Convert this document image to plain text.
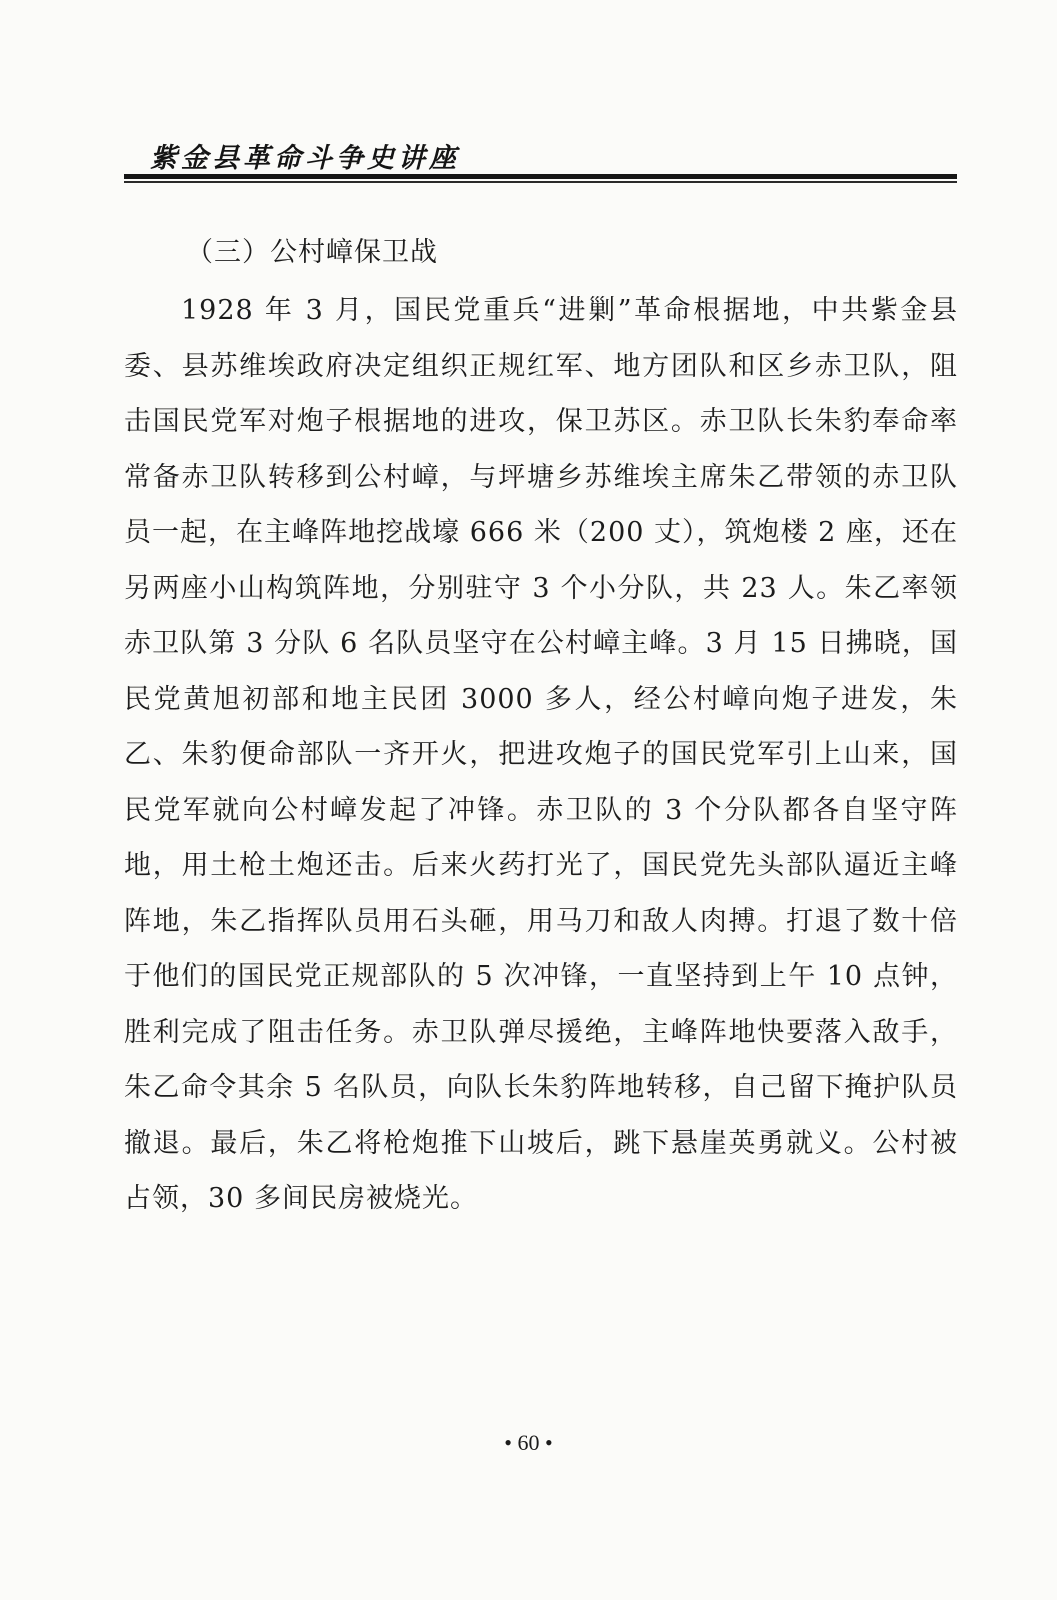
紫金县革命斗争史讲座
（三）公村嶂保卫战

1928 年 3 月，国民党重兵“进剿”革命根据地，中共紫金县委、县苏维埃政府决定组织正规红军、地方团队和区乡赤卫队，阻击国民党军对炮子根据地的进攻，保卫苏区。赤卫队长朱豹奉命率常备赤卫队转移到公村嶂，与坪塘乡苏维埃主席朱乙带领的赤卫队员一起，在主峰阵地挖战壕 666 米（200 丈），筑炮楼 2 座，还在另两座小山构筑阵地，分别驻守 3 个小分队，共 23 人。朱乙率领赤卫队第 3 分队 6 名队员坚守在公村嶂主峰。3 月 15 日拂晓，国民党黄旭初部和地主民团 3000 多人，经公村嶂向炮子进发，朱乙、朱豹便命部队一齐开火，把进攻炮子的国民党军引上山来，国民党军就向公村嶂发起了冲锋。赤卫队的 3 个分队都各自坚守阵地，用土枪土炮还击。后来火药打光了，国民党先头部队逼近主峰阵地，朱乙指挥队员用石头砸，用马刀和敌人肉搏。打退了数十倍于他们的国民党正规部队的 5 次冲锋，一直坚持到上午 10 点钟，胜利完成了阻击任务。赤卫队弹尽援绝，主峰阵地快要落入敌手，朱乙命令其余 5 名队员，向队长朱豹阵地转移，自己留下掩护队员撤退。最后，朱乙将枪炮推下山坡后，跳下悬崖英勇就义。公村被占领，30 多间民房被烧光。

• 60 •
